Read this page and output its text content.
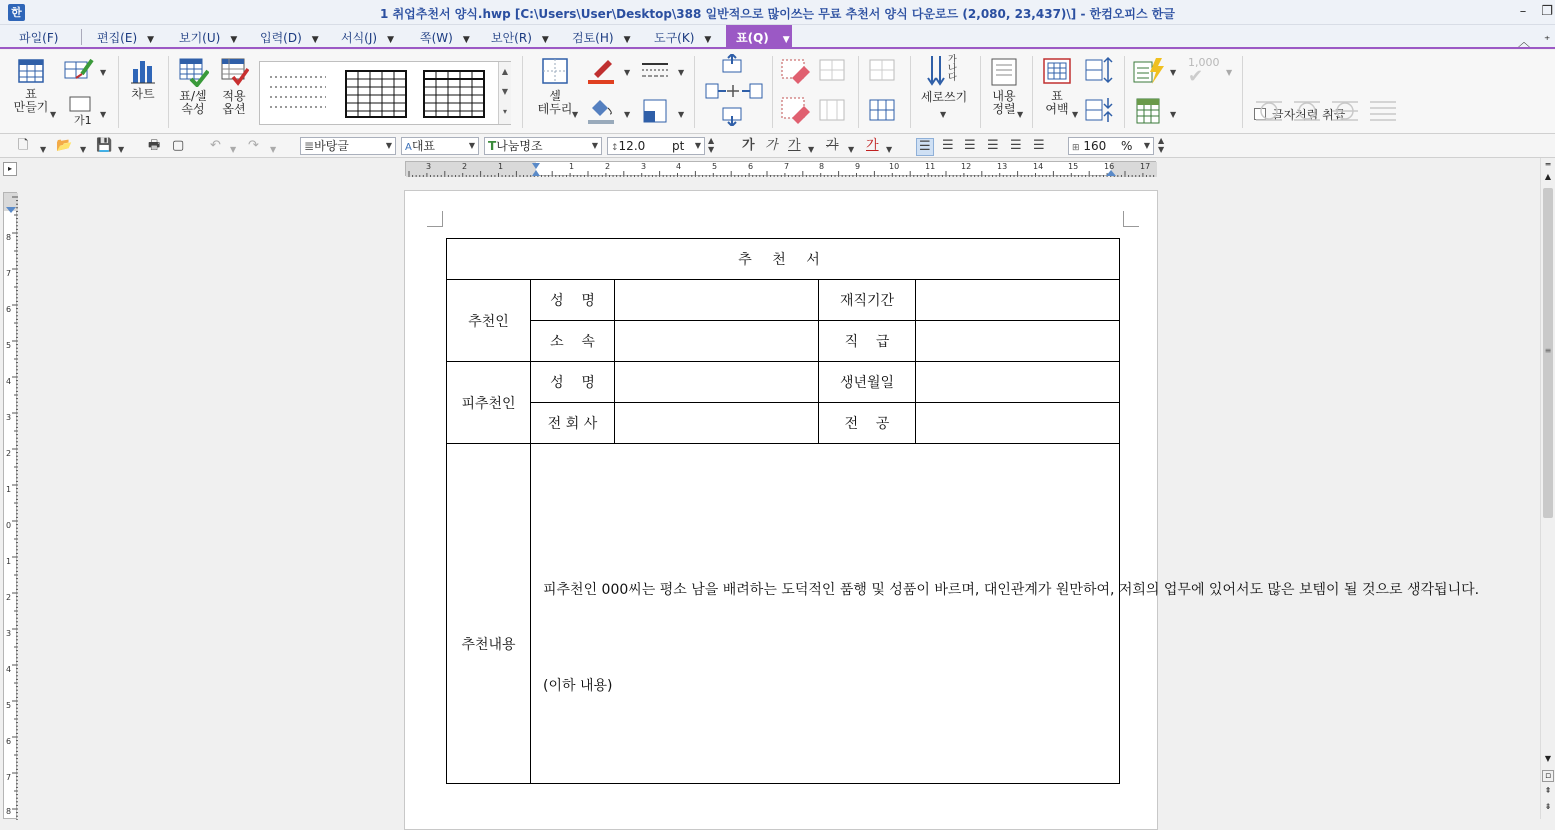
한	1 취업추천서 양식.hwp [C:\Users\User\Desktop\388 일반적으로 많이쓰는 무료 추천서 양식 다운로드 (2,080, 23,437)\] - 한컴오피스 한글	–	❐
파일(F)	편집(E) ▼ 보기(U) ▼ 입력(D) ▼ 서식(J) ▼ 쪽(W) ▼ 보안(R) ▼ 검토(H) ▼ 도구(K) ▼	표(Q) ▼
찾을 내용을 입력하세요.	︿ ⁺
표
만들기
▼
▼
가1 ▼
차트	표/셀
속성
적용
옵션
▲
▼
▾
셀
테두리 ▼
▼
▼
▼
▼
가
나
다
세로쓰기
▼
내용
정렬 ▼
표
여백 ▼
▼
1,000
✔	▼
▼	글자처럼 취급
🗋 ▼ 📂 ▼ 💾 ▼ 🖶 ▢ ↶ ▼ ↷ ▼	≣바탕글	▼	A대표	▼	T나눔명조	▼	↕12.0 pt ▼
▲
▼ 가 가 가 ▼ 가 ▼ 가 ▼ ☰ ☰ ☰ ☰ ☰ ☰	⊞ 160 % ▼
▲
▼
▸	3	2	1	1	2	3	4	5	6	7	8	9	10	11	12	13	14	15	16	17
8
7
6
5
4
3
2
1
0
1
2
3
4
5
6
7
8
═
▲
≡
▼
▫
⇞
⇟
추 천 서				
추천인	성    명		재직기간	
	소    속		직    급	
피추천인	성    명		생년월일	
	전 회 사		전    공	
추천내용	피추천인 000씨는 평소 남을 배려하는 도덕적인 품행 및 성품이 바르며, 대인관계가 원만하여, 저희의 업무에 있어서도 많은 보템이 될 것으로 생각됩니다.

(이하 내용)			
